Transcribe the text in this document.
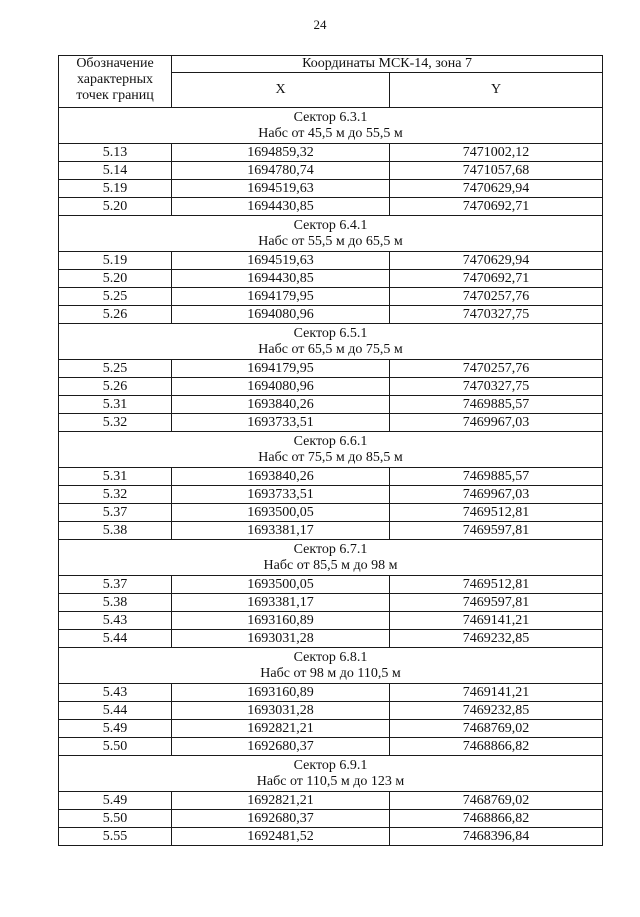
24
Обозначение характерных точек границ	Координаты МСК-14, зона 7	
	X	Y

Сектор 6.3.1
Набс от 45,5 м до 55,5 м		

5.13	1694859,32	7471002,12
5.14	1694780,74	7471057,68
5.19	1694519,63	7470629,94
5.20	1694430,85	7470692,71

Сектор 6.4.1
Набс от 55,5 м до 65,5 м		

5.19	1694519,63	7470629,94
5.20	1694430,85	7470692,71
5.25	1694179,95	7470257,76
5.26	1694080,96	7470327,75

Сектор 6.5.1
Набс от 65,5 м до 75,5 м		

5.25	1694179,95	7470257,76
5.26	1694080,96	7470327,75
5.31	1693840,26	7469885,57
5.32	1693733,51	7469967,03

Сектор 6.6.1
Набс от 75,5 м до 85,5 м		

5.31	1693840,26	7469885,57
5.32	1693733,51	7469967,03
5.37	1693500,05	7469512,81
5.38	1693381,17	7469597,81

Сектор 6.7.1
Набс от 85,5 м до 98 м		

5.37	1693500,05	7469512,81
5.38	1693381,17	7469597,81
5.43	1693160,89	7469141,21
5.44	1693031,28	7469232,85

Сектор 6.8.1
Набс от 98 м до 110,5 м		

5.43	1693160,89	7469141,21
5.44	1693031,28	7469232,85
5.49	1692821,21	7468769,02
5.50	1692680,37	7468866,82

Сектор 6.9.1
Набс от 110,5 м до 123 м		

5.49	1692821,21	7468769,02
5.50	1692680,37	7468866,82
5.55	1692481,52	7468396,84
